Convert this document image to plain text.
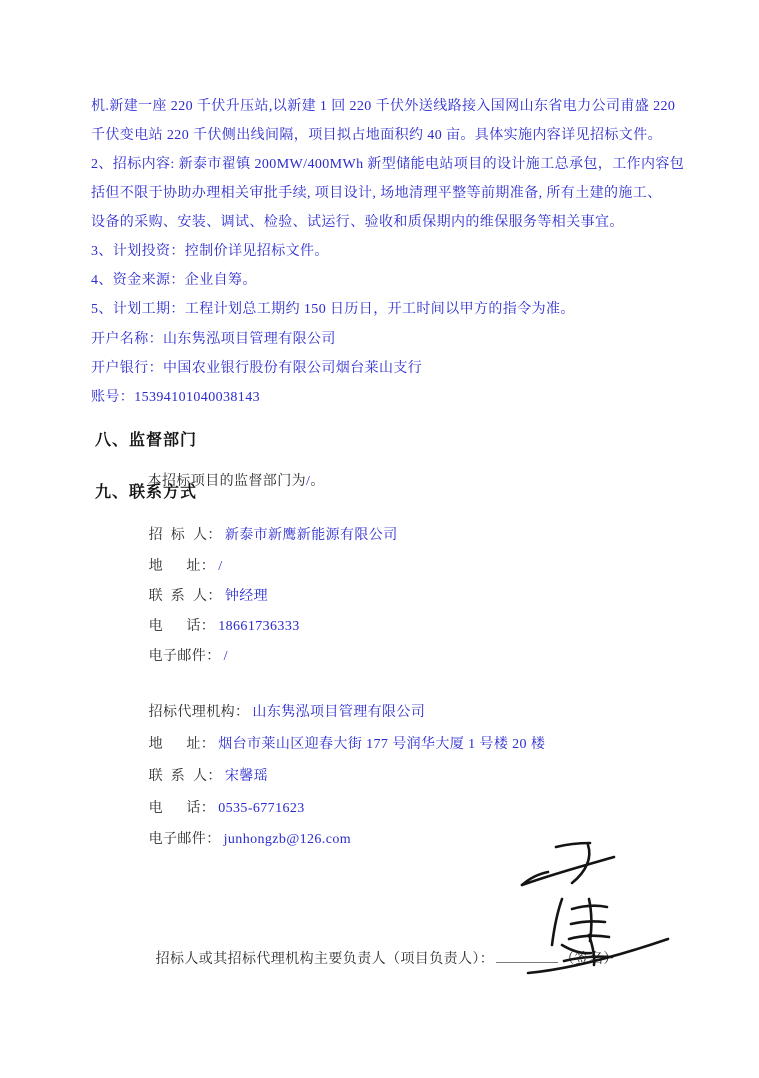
机.新建一座 220 千伏升压站,以新建 1 回 220 千伏外送线路接入国网山东省电力公司甫盛 220
千伏变电站 220 千伏侧出线间隔，项目拟占地面积约 40 亩。具体实施内容详见招标文件。
2、招标内容: 新泰市翟镇 200MW/400MWh 新型储能电站项目的设计施工总承包，工作内容包
括但不限于协助办理相关审批手续, 项目设计, 场地清理平整等前期准备, 所有土建的施工、
设备的采购、安装、调试、检验、试运行、验收和质保期内的维保服务等相关事宜。
3、计划投资：控制价详见招标文件。
4、资金来源：企业自筹。
5、计划工期：工程计划总工期约 150 日历日，开工时间以甲方的指令为准。
开户名称：山东隽泓项目管理有限公司
开户银行：中国农业银行股份有限公司烟台莱山支行
账号：15394101040038143
八、监督部门

本招标项目的监督部门为/。

九、联系方式

招  标  人： 新泰市新鹰新能源有限公司

地      址： /

联  系  人： 钟经理

电      话： 18661736333

电子邮件： /

招标代理机构： 山东隽泓项目管理有限公司

地      址： 烟台市莱山区迎春大街 177 号润华大厦 1 号楼 20 楼

联  系  人： 宋馨瑶

电      话： 0535-6771623

电子邮件： junhongzb@126.com

招标人或其招标代理机构主要负责人（项目负责人）：	（签名）
